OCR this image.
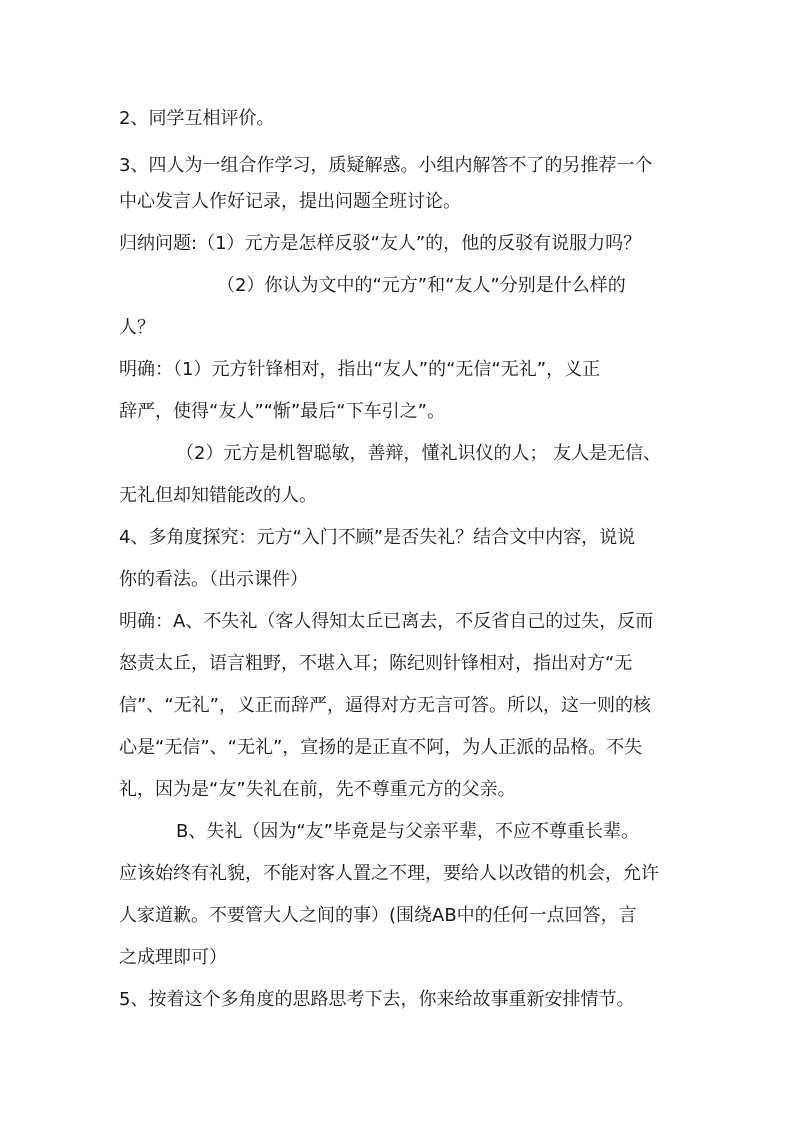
2、同学互相评价。

3、四人为一组合作学习，质疑解惑。小组内解答不了的另推荐一个

中心发言人作好记录，提出问题全班讨论。

归纳问题:（1）元方是怎样反驳“友人”的，他的反驳有说服力吗？

（2）你认为文中的“元方”和“友人”分别是什么样的

人？

明确：（1）元方针锋相对，指出“友人”的“无信“无礼”，义正

辞严，使得“友人”“惭”最后“下车引之”。

（2）元方是机智聪敏，善辩，懂礼识仪的人； 友人是无信、

无礼但却知错能改的人。

4、多角度探究：元方“入门不顾”是否失礼？结合文中内容，说说

你的看法。（出示课件）

明确：A、不失礼（客人得知太丘已离去，不反省自己的过失，反而

怒责太丘，语言粗野，不堪入耳；陈纪则针锋相对，指出对方“无

信”、“无礼”，义正而辞严，逼得对方无言可答。所以，这一则的核

心是“无信”、“无礼”，宣扬的是正直不阿，为人正派的品格。不失

礼，因为是“友”失礼在前，先不尊重元方的父亲。

B、失礼（因为“友”毕竟是与父亲平辈，不应不尊重长辈。

应该始终有礼貌，不能对客人置之不理，要给人以改错的机会，允许

人家道歉。不要管大人之间的事）(围绕AB中的任何一点回答，言

之成理即可）

5、按着这个多角度的思路思考下去，你来给故事重新安排情节。
